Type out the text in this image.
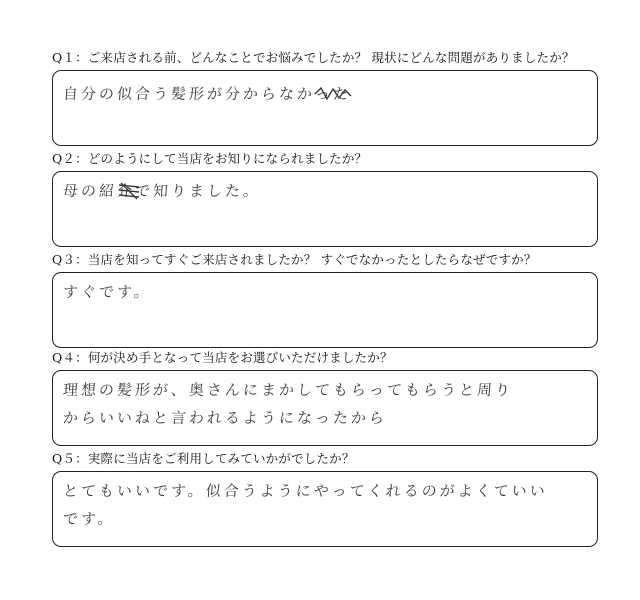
Q１：ご来店される前、どんなことでお悩みでしたか？ 現状にどんな問題がありましたか？
自分の似合う髪形が分からなかった
Q２：どのようにして当店をお知りになられましたか？
母の紹介で知りました。
Q３：当店を知ってすぐご来店されましたか？ すぐでなかったとしたらなぜですか？
すぐです。
Q４：何が決め手となって当店をお選びいただけましたか？
理想の髪形が、奥さんにまかしてもらってもらうと周り
からいいねと言われるようになったから
Q５：実際に当店をご利用してみていかがでしたか？
とてもいいです。似合うようにやってくれるのがよくていい
です。
